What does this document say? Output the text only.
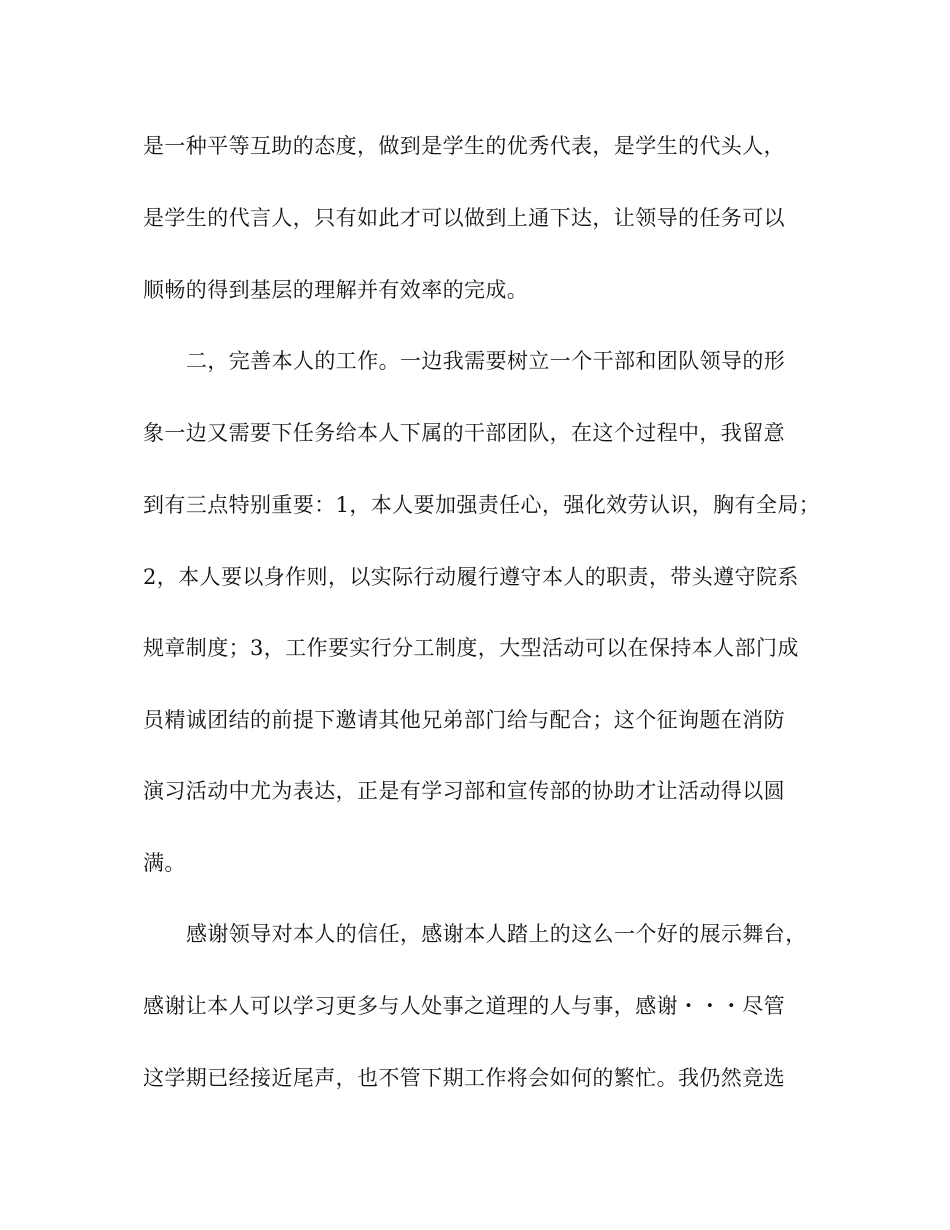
是一种平等互助的态度，做到是学生的优秀代表，是学生的代头人，
是学生的代言人，只有如此才可以做到上通下达，让领导的任务可以
顺畅的得到基层的理解并有效率的完成。
二，完善本人的工作。一边我需要树立一个干部和团队领导的形
象一边又需要下任务给本人下属的干部团队，在这个过程中，我留意
到有三点特别重要：1，本人要加强责任心，强化效劳认识，胸有全局；
2，本人要以身作则，以实际行动履行遵守本人的职责，带头遵守院系
规章制度；3，工作要实行分工制度，大型活动可以在保持本人部门成
员精诚团结的前提下邀请其他兄弟部门给与配合；这个征询题在消防
演习活动中尤为表达，正是有学习部和宣传部的协助才让活动得以圆
满。
感谢领导对本人的信任，感谢本人踏上的这么一个好的展示舞台，
感谢让本人可以学习更多与人处事之道理的人与事，感谢・・・尽管
这学期已经接近尾声，也不管下期工作将会如何的繁忙。我仍然竞选
